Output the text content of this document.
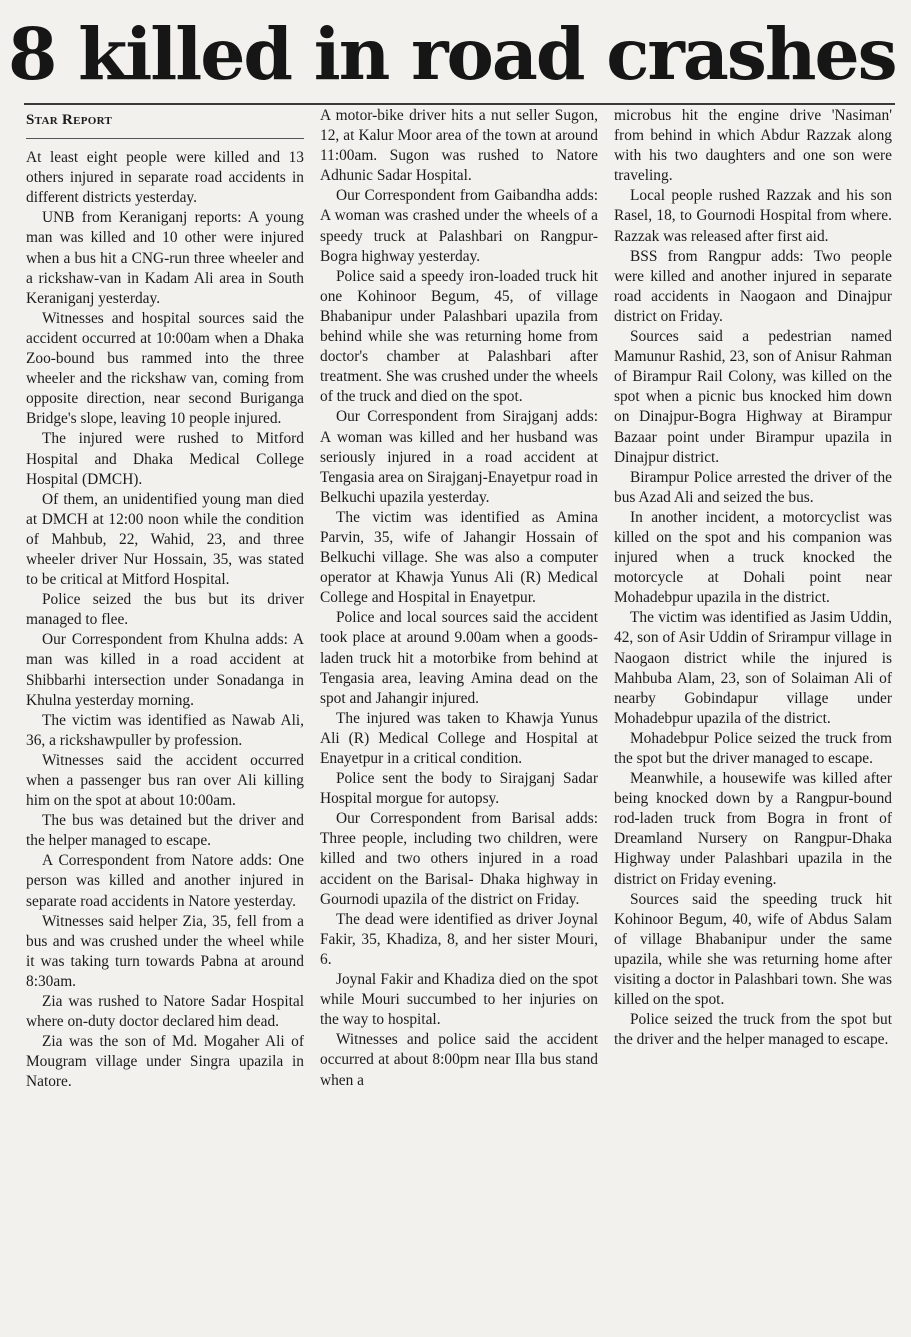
8 killed in road crashes
Star Report

At least eight people were killed and 13 others injured in separate road accidents in different districts yesterday.

UNB from Keraniganj reports: A young man was killed and 10 other were injured when a bus hit a CNG-run three wheeler and a rickshaw-van in Kadam Ali area in South Keraniganj yesterday.

Witnesses and hospital sources said the accident occurred at 10:00am when a Dhaka Zoo-bound bus rammed into the three wheeler and the rickshaw van, coming from opposite direction, near second Buriganga Bridge's slope, leaving 10 people injured.

The injured were rushed to Mitford Hospital and Dhaka Medical College Hospital (DMCH).

Of them, an unidentified young man died at DMCH at 12:00 noon while the condition of Mahbub, 22, Wahid, 23, and three wheeler driver Nur Hossain, 35, was stated to be critical at Mitford Hospital.

Police seized the bus but its driver managed to flee.

Our Correspondent from Khulna adds: A man was killed in a road accident at Shibbarhi intersection under Sonadanga in Khulna yesterday morning.

The victim was identified as Nawab Ali, 36, a rickshawpuller by profession.

Witnesses said the accident occurred when a passenger bus ran over Ali killing him on the spot at about 10:00am.

The bus was detained but the driver and the helper managed to escape.

A Correspondent from Natore adds: One person was killed and another injured in separate road accidents in Natore yesterday.

Witnesses said helper Zia, 35, fell from a bus and was crushed under the wheel while it was taking turn towards Pabna at around 8:30am.

Zia was rushed to Natore Sadar Hospital where on-duty doctor declared him dead.

Zia was the son of Md. Mogaher Ali of Mougram village under Singra upazila in Natore.

A motor-bike driver hits a nut seller Sugon, 12, at Kalur Moor area of the town at around 11:00am. Sugon was rushed to Natore Adhunic Sadar Hospital.

Our Correspondent from Gaibandha adds: A woman was crashed under the wheels of a speedy truck at Palashbari on Rangpur-Bogra highway yesterday.

Police said a speedy iron-loaded truck hit one Kohinoor Begum, 45, of village Bhabanipur under Palashbari upazila from behind while she was returning home from doctor's chamber at Palashbari after treatment. She was crushed under the wheels of the truck and died on the spot.

Our Correspondent from Sirajganj adds: A woman was killed and her husband was seriously injured in a road accident at Tengasia area on Sirajganj-Enayetpur road in Belkuchi upazila yesterday.

The victim was identified as Amina Parvin, 35, wife of Jahangir Hossain of Belkuchi village. She was also a computer operator at Khawja Yunus Ali (R) Medical College and Hospital in Enayetpur.

Police and local sources said the accident took place at around 9.00am when a goods-laden truck hit a motorbike from behind at Tengasia area, leaving Amina dead on the spot and Jahangir injured.

The injured was taken to Khawja Yunus Ali (R) Medical College and Hospital at Enayetpur in a critical condition.

Police sent the body to Sirajganj Sadar Hospital morgue for autopsy.

Our Correspondent from Barisal adds: Three people, including two children, were killed and two others injured in a road accident on the Barisal- Dhaka highway in Gournodi upazila of the district on Friday.

The dead were identified as driver Joynal Fakir, 35, Khadiza, 8, and her sister Mouri, 6.

Joynal Fakir and Khadiza died on the spot while Mouri succumbed to her injuries on the way to hospital.

Witnesses and police said the accident occurred at about 8:00pm near Illa bus stand when a

microbus hit the engine drive 'Nasiman' from behind in which Abdur Razzak along with his two daughters and one son were traveling.

Local people rushed Razzak and his son Rasel, 18, to Gournodi Hospital from where. Razzak was released after first aid.

BSS from Rangpur adds: Two people were killed and another injured in separate road accidents in Naogaon and Dinajpur district on Friday.

Sources said a pedestrian named Mamunur Rashid, 23, son of Anisur Rahman of Birampur Rail Colony, was killed on the spot when a picnic bus knocked him down on Dinajpur-Bogra Highway at Birampur Bazaar point under Birampur upazila in Dinajpur district.

Birampur Police arrested the driver of the bus Azad Ali and seized the bus.

In another incident, a motorcyclist was killed on the spot and his companion was injured when a truck knocked the motorcycle at Dohali point near Mohadebpur upazila in the district.

The victim was identified as Jasim Uddin, 42, son of Asir Uddin of Srirampur village in Naogaon district while the injured is Mahbuba Alam, 23, son of Solaiman Ali of nearby Gobindapur village under Mohadebpur upazila of the district.

Mohadebpur Police seized the truck from the spot but the driver managed to escape.

Meanwhile, a housewife was killed after being knocked down by a Rangpur-bound rod-laden truck from Bogra in front of Dreamland Nursery on Rangpur-Dhaka Highway under Palashbari upazila in the district on Friday evening.

Sources said the speeding truck hit Kohinoor Begum, 40, wife of Abdus Salam of village Bhabanipur under the same upazila, while she was returning home after visiting a doctor in Palashbari town. She was killed on the spot.

Police seized the truck from the spot but the driver and the helper managed to escape.
